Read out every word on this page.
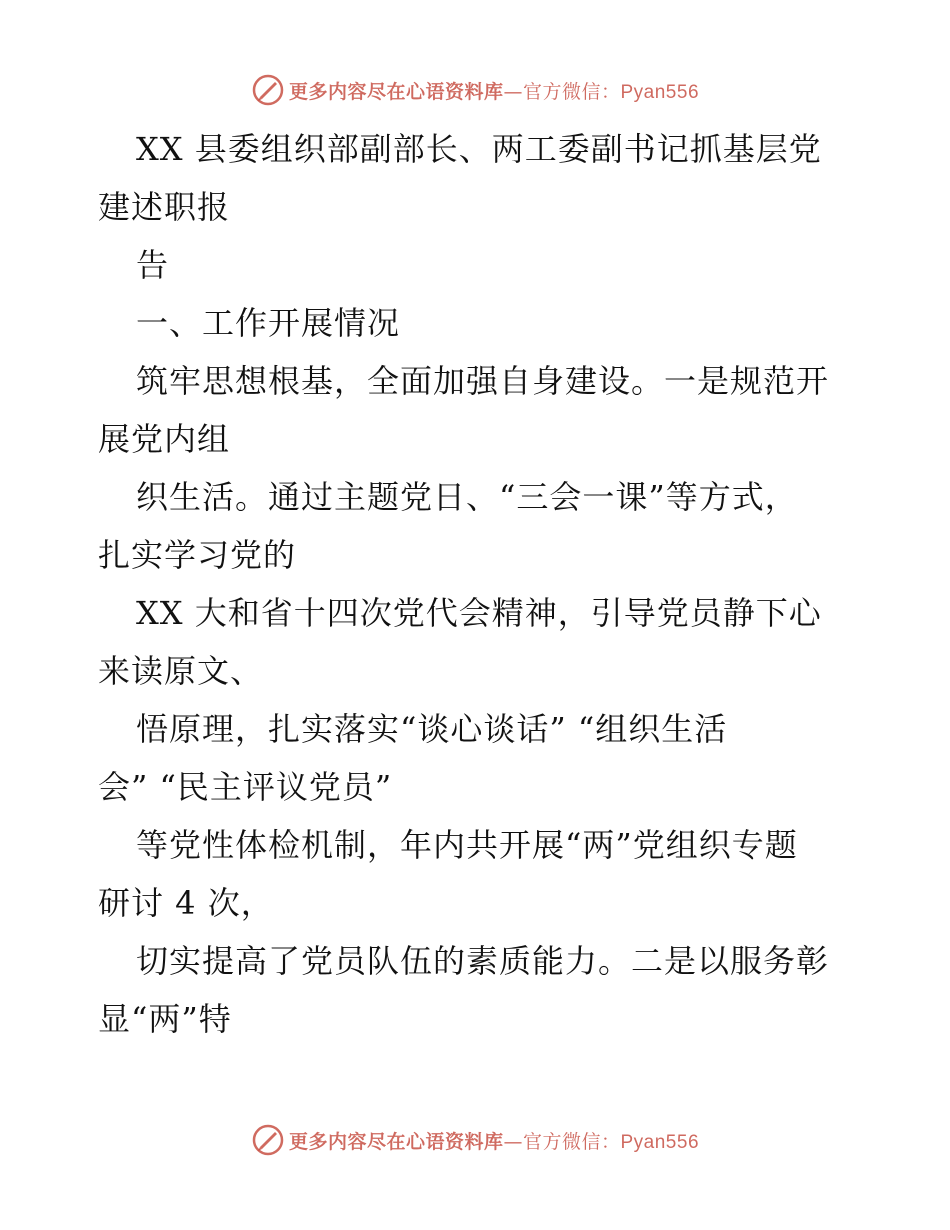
更多内容尽在心语资料库—官方微信：Pyan556
XX 县委组织部副部长、两工委副书记抓基层党
建述职报
告
一、工作开展情况
筑牢思想根基，全面加强自身建设。一是规范开
展党内组
织生活。通过主题党日、“三会一课”等方式，
扎实学习党的
XX 大和省十四次党代会精神，引导党员静下心
来读原文、
悟原理，扎实落实“谈心谈话” “组织生活
会” “民主评议党员”
等党性体检机制，年内共开展“两”党组织专题
研讨 4 次，
切实提高了党员队伍的素质能力。二是以服务彰
显“两”特
更多内容尽在心语资料库—官方微信：Pyan556
